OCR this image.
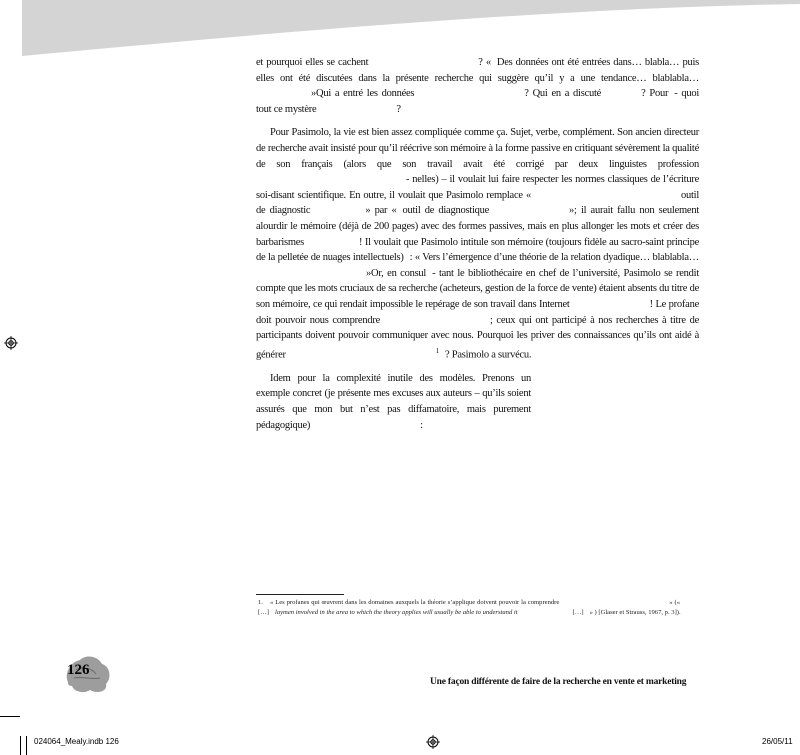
et pourquoi elles se cachent	? « Des données ont été entrées dans… blabla… puis elles ont été discutées dans la présente recherche qui suggère qu’il y a une tendance… blablabla…»Qui a entré les données	? Qui en a discuté	? Pour - quoi tout ce mystère	?

Pour Pasimolo, la vie est bien assez compliquée comme ça. Sujet, verbe, complément. Son ancien directeur de recherche avait insisté pour qu’il réécrive son mémoire à la forme passive en critiquant sévèrement la qualité de son français (alors que son travail avait été corrigé par deux linguistes profession- nelles) – il voulait lui faire respecter les normes classiques de l’écriture soi-disant scientifique. En outre, il voulait que Pasimolo remplace «	outil de diagnostic	» par « outil de diagnostique	»; il aurait fallu non seulement alourdir le mémoire (déjà de 200 pages) avec des formes passives, mais en plus allonger les mots et créer des barbarismes	! Il voulait que Pasimolo intitule son mémoire (toujours fidèle au sacro-saint principe de la pelletée de nuages intellectuels) : « Vers l’émergence d’une théorie de la relation dyadique… blablabla…»Or, en consul - tant le bibliothécaire en chef de l’université, Pasimolo se rendit compte que les mots cruciaux de sa recherche (acheteurs, gestion de la force de vente) étaient absents du titre de son mémoire, ce qui rendait impossible le repérage de son travail dans Internet	! Le profane doit pouvoir nous comprendre	; ceux qui ont participé à nos recherches à titre de participants doivent pouvoir communiquer avec nous. Pourquoi les priver des connaissances qu’ils ont aidé à générer	$^1$ ? Pasimolo a survécu.

Idem pour la complexité inutile des modèles. Prenons un exemple concret (je présente mes excuses aux auteurs – qu’ils soient assurés que mon but n’est pas diffamatoire, mais purement pédagogique)	:

1. « Les profanes qui œuvrent dans les domaines auxquels la théorie s’applique doivent pouvoir la comprendre	» («[…] laymen involved in the area to which the theory applies will usually be able to understand it	[…] » ) [Glaser et Strauss, 1967, p. 3]).
126
Une façon différente de faire de la recherche en vente et marketing
024064_Mealy.indb 126	26/05/11
